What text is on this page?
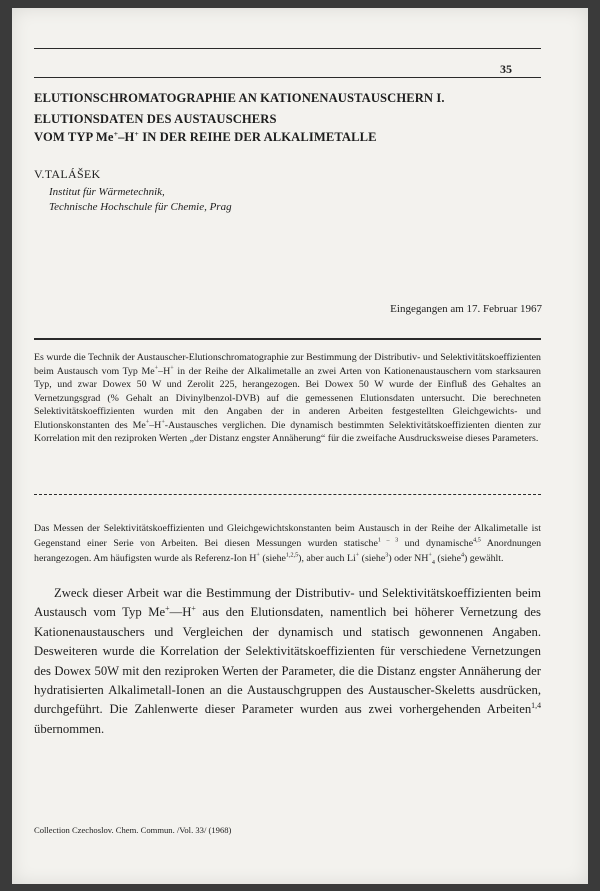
35
ELUTIONSCHROMATOGRAPHIE AN KATIONENAUSTAUSCHERN I.
ELUTIONSDATEN DES AUSTAUSCHERS
VOM TYP Me+–H+ IN DER REIHE DER ALKALIMETALLE
V.TALÁŠEK
Institut für Wärmetechnik,
Technische Hochschule für Chemie, Prag
Eingegangen am 17. Februar 1967
Es wurde die Technik der Austauscher-Elutionschromatographie zur Bestimmung der Distributiv- und Selektivitätskoeffizienten beim Austausch vom Typ Me+–H+ in der Reihe der Alkalimetalle an zwei Arten von Kationenaustauschern vom starksauren Typ, und zwar Dowex 50 W und Zerolit 225, herangezogen. Bei Dowex 50 W wurde der Einfluß des Gehaltes an Vernetzungsgrad (% Gehalt an Divinylbenzol-DVB) auf die gemessenen Elutionsdaten untersucht. Die berechneten Selektivitätskoeffizienten wurden mit den Angaben der in anderen Arbeiten festgestellten Gleichgewichts- und Elutionskonstanten des Me+–H+-Austausches verglichen. Die dynamisch bestimmten Selektivitätskoeffizienten dienten zur Korrelation mit den reziproken Werten „der Distanz engster Annäherung“ für die zweifache Ausdrucksweise dieses Parameters.
Das Messen der Selektivitätskoeffizienten und Gleichgewichtskonstanten beim Austausch in der Reihe der Alkalimetalle ist Gegenstand einer Serie von Arbeiten. Bei diesen Messungen wurden statische$^{1 - 3}$ und dynamische$^{4,5}$ Anordnungen herangezogen. Am häufigsten wurde als Referenz-Ion H+ (siehe$^{1,2,5}$), aber auch Li+ (siehe$^3$) oder $NH^+_4$ (siehe$^4$) gewählt.
Zweck dieser Arbeit war die Bestimmung der Distributiv- und Selektivitätskoeffizienten beim Austausch vom Typ Me+—H+ aus den Elutionsdaten, namentlich bei höherer Vernetzung des Kationenaustauschers und Vergleichen der dynamisch und statisch gewonnenen Angaben. Desweiteren wurde die Korrelation der Selektivitätskoeffizienten für verschiedene Vernetzungen des Dowex 50W mit den reziproken Werten der Parameter, die die Distanz engster Annäherung der hydratisierten Alkalimetall-Ionen an die Austauschgruppen des Austauscher-Skeletts ausdrücken, durchgeführt. Die Zahlenwerte dieser Parameter wurden aus zwei vorhergehenden Arbeiten$^{1,4}$ übernommen.
Collection Czechoslov. Chem. Commun. /Vol. 33/ (1968)
